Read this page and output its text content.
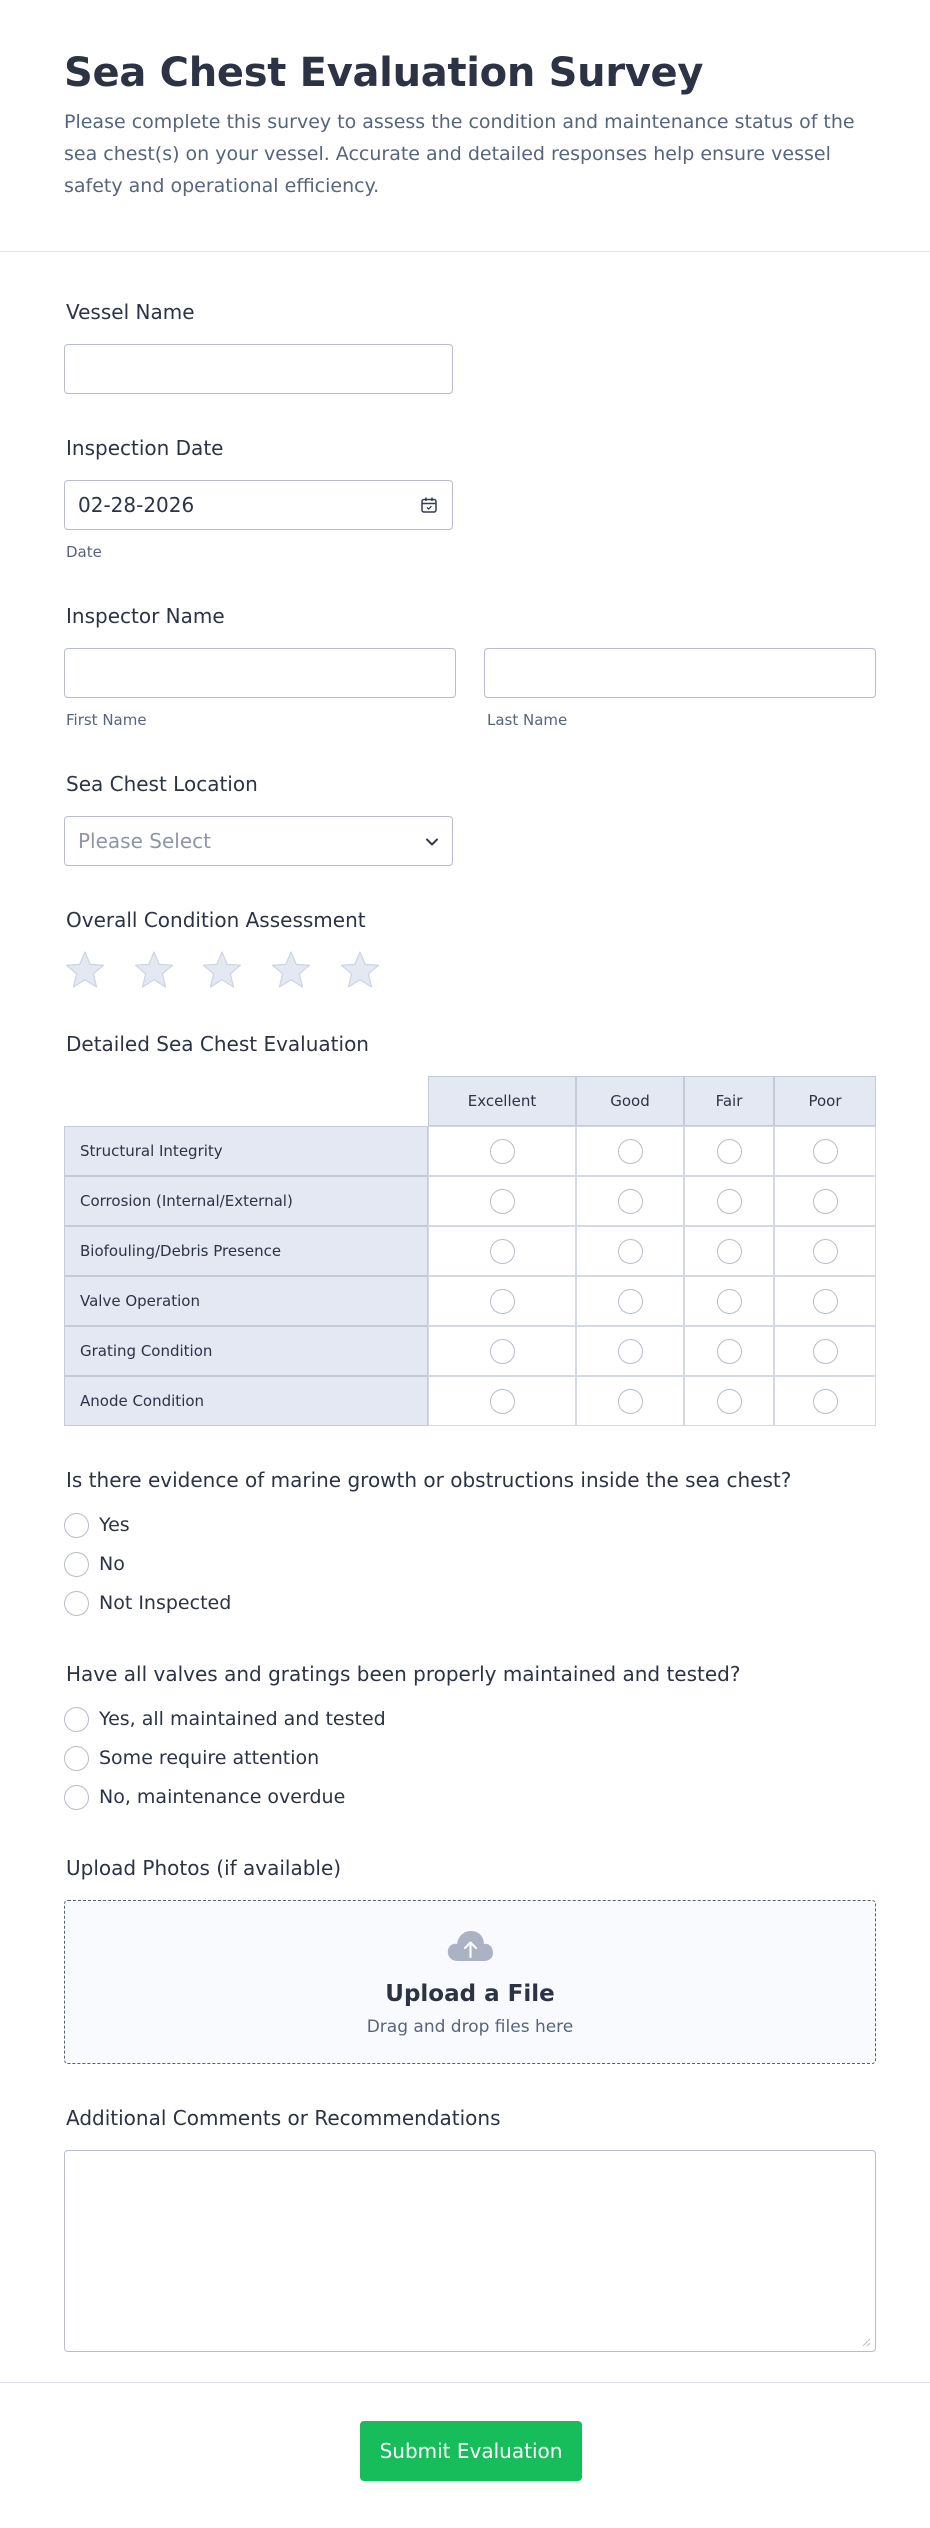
Sea Chest Evaluation Survey
Please complete this survey to assess the condition and maintenance status of the sea chest(s) on your vessel. Accurate and detailed responses help ensure vessel safety and operational efficiency.
Vessel Name
Inspection Date
02-28-2026
Date
Inspector Name
First Name	Last Name
Sea Chest Location
Please Select
Overall Condition Assessment
Detailed Sea Chest Evaluation
Excellent	Good	Fair	Poor
Structural Integrity
Corrosion (Internal/External)
Biofouling/Debris Presence
Valve Operation
Grating Condition
Anode Condition
Is there evidence of marine growth or obstructions inside the sea chest?
Yes
No
Not Inspected
Have all valves and gratings been properly maintained and tested?
Yes, all maintained and tested
Some require attention
No, maintenance overdue
Upload Photos (if available)
Upload a File
Drag and drop files here
Additional Comments or Recommendations
Submit Evaluation
